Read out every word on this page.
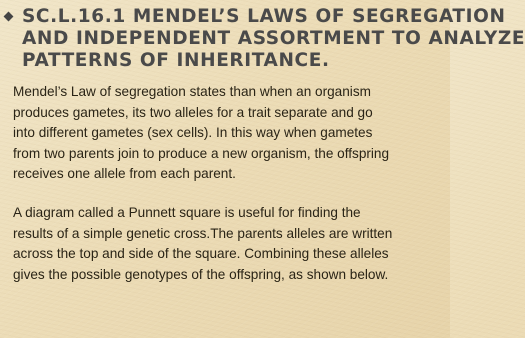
SC.L.16.1 MENDEL’S LAWS OF SEGREGATION
AND INDEPENDENT ASSORTMENT TO ANALYZE
PATTERNS OF INHERITANCE.
Mendel’s Law of segregation states than when an organism
produces gametes, its two alleles for a trait separate and go
into different gametes (sex cells). In this way when gametes
from two parents join to produce a new organism, the offspring
receives one allele from each parent.
A diagram called a Punnett square is useful for finding the
results of a simple genetic cross.The parents alleles are written
across the top and side of the square. Combining these alleles
gives the possible genotypes of the offspring, as shown below.
